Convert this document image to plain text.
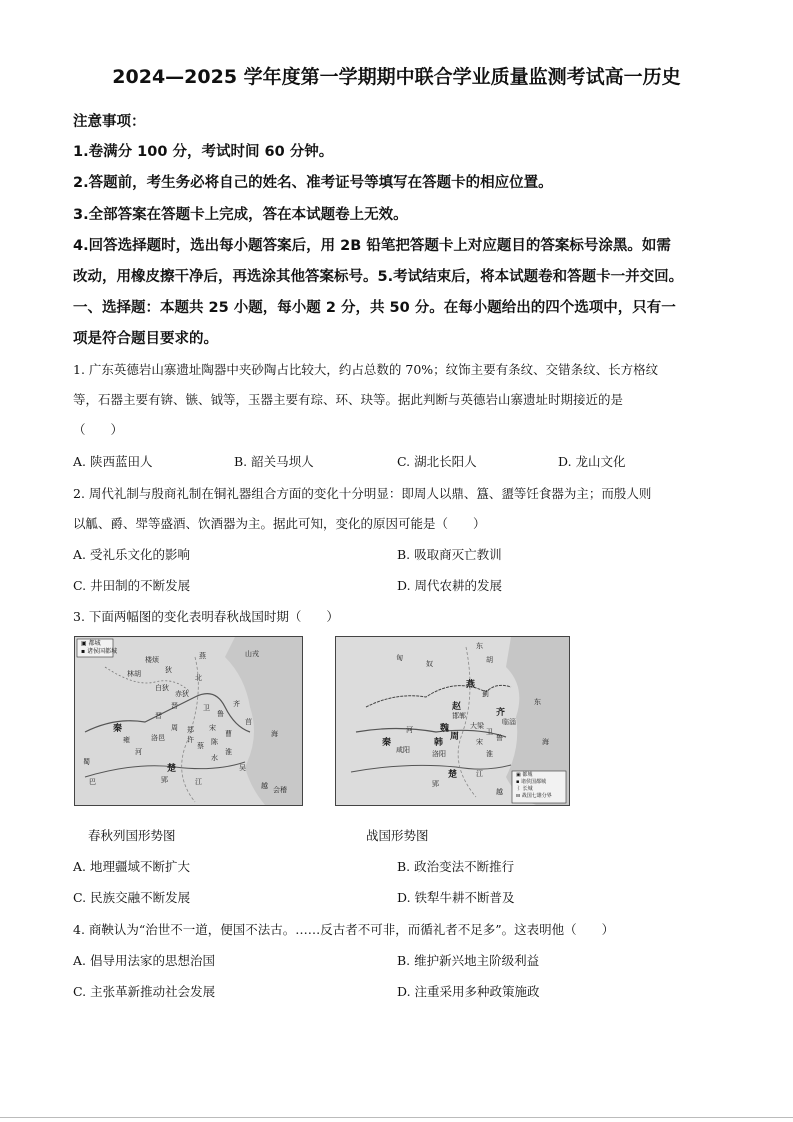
2024—2025 学年度第一学期期中联合学业质量监测考试高一历史
注意事项：
1.卷满分 100 分，考试时间 60 分钟。
2.答题前，考生务必将自己的姓名、准考证号等填写在答题卡的相应位置。
3.全部答案在答题卡上完成，答在本试题卷上无效。
4.回答选择题时，选出每小题答案后，用 2B 铅笔把答题卡上对应题目的答案标号涂黑。如需
改动，用橡皮擦干净后，再选涂其他答案标号。5.考试结束后，将本试题卷和答题卡一并交回。
一、选择题：本题共 25 小题，每小题 2 分，共 50 分。在每小题给出的四个选项中，只有一
项是符合题目要求的。
1. 广东英德岩山寨遗址陶器中夹砂陶占比较大，约占总数的 70%；纹饰主要有条纹、交错条纹、长方格纹
等，石器主要有锛、镞、钺等，玉器主要有琮、环、玦等。据此判断与英德岩山寨遗址时期接近的是
（　　）
A. 陕西蓝田人	B. 韶关马坝人	C. 湖北长阳人	D. 龙山文化
2. 周代礼制与殷商礼制在铜礼器组合方面的变化十分明显：即周人以鼎、簋、盨等饪食器为主；而殷人则
以觚、爵、斝等盛酒、饮酒器为主。据此可知，变化的原因可能是（　　）
A. 受礼乐文化的影响	B. 吸取商灭亡教训
C. 井田制的不断发展	D. 周代农耕的发展
3. 下面两幅图的变化表明春秋战国时期（　　）
▣ 都城
▪ 诸侯国都城	山戎
燕
楼烦
林胡	狄
北
白狄
赤狄
晋	卫
鲁
齐
莒
秦
晋
雍	洛邑
周 郑 宋
蔡 陈
曹
许
河	淮
水
楚
郢
吴
越
海
巴
蜀
会稽
江
▣ 都城
▪ 诸侯国都城
⌇ 长城
⊟ 战国七雄分界
东
胡
匈
奴
燕
蓟
赵
邯郸
魏	大梁
韩
周
秦
咸阳	洛阳
齐
临淄
楚
郢
越
东
海
河
江
淮
宋
卫
鲁
春秋列国形势图	战国形势图
A. 地理疆域不断扩大	B. 政治变法不断推行
C. 民族交融不断发展	D. 铁犁牛耕不断普及
4. 商鞅认为“治世不一道，便国不法古。……反古者不可非，而循礼者不足多”。这表明他（　　）
A. 倡导用法家的思想治国	B. 维护新兴地主阶级利益
C. 主张革新推动社会发展	D. 注重采用多种政策施政
